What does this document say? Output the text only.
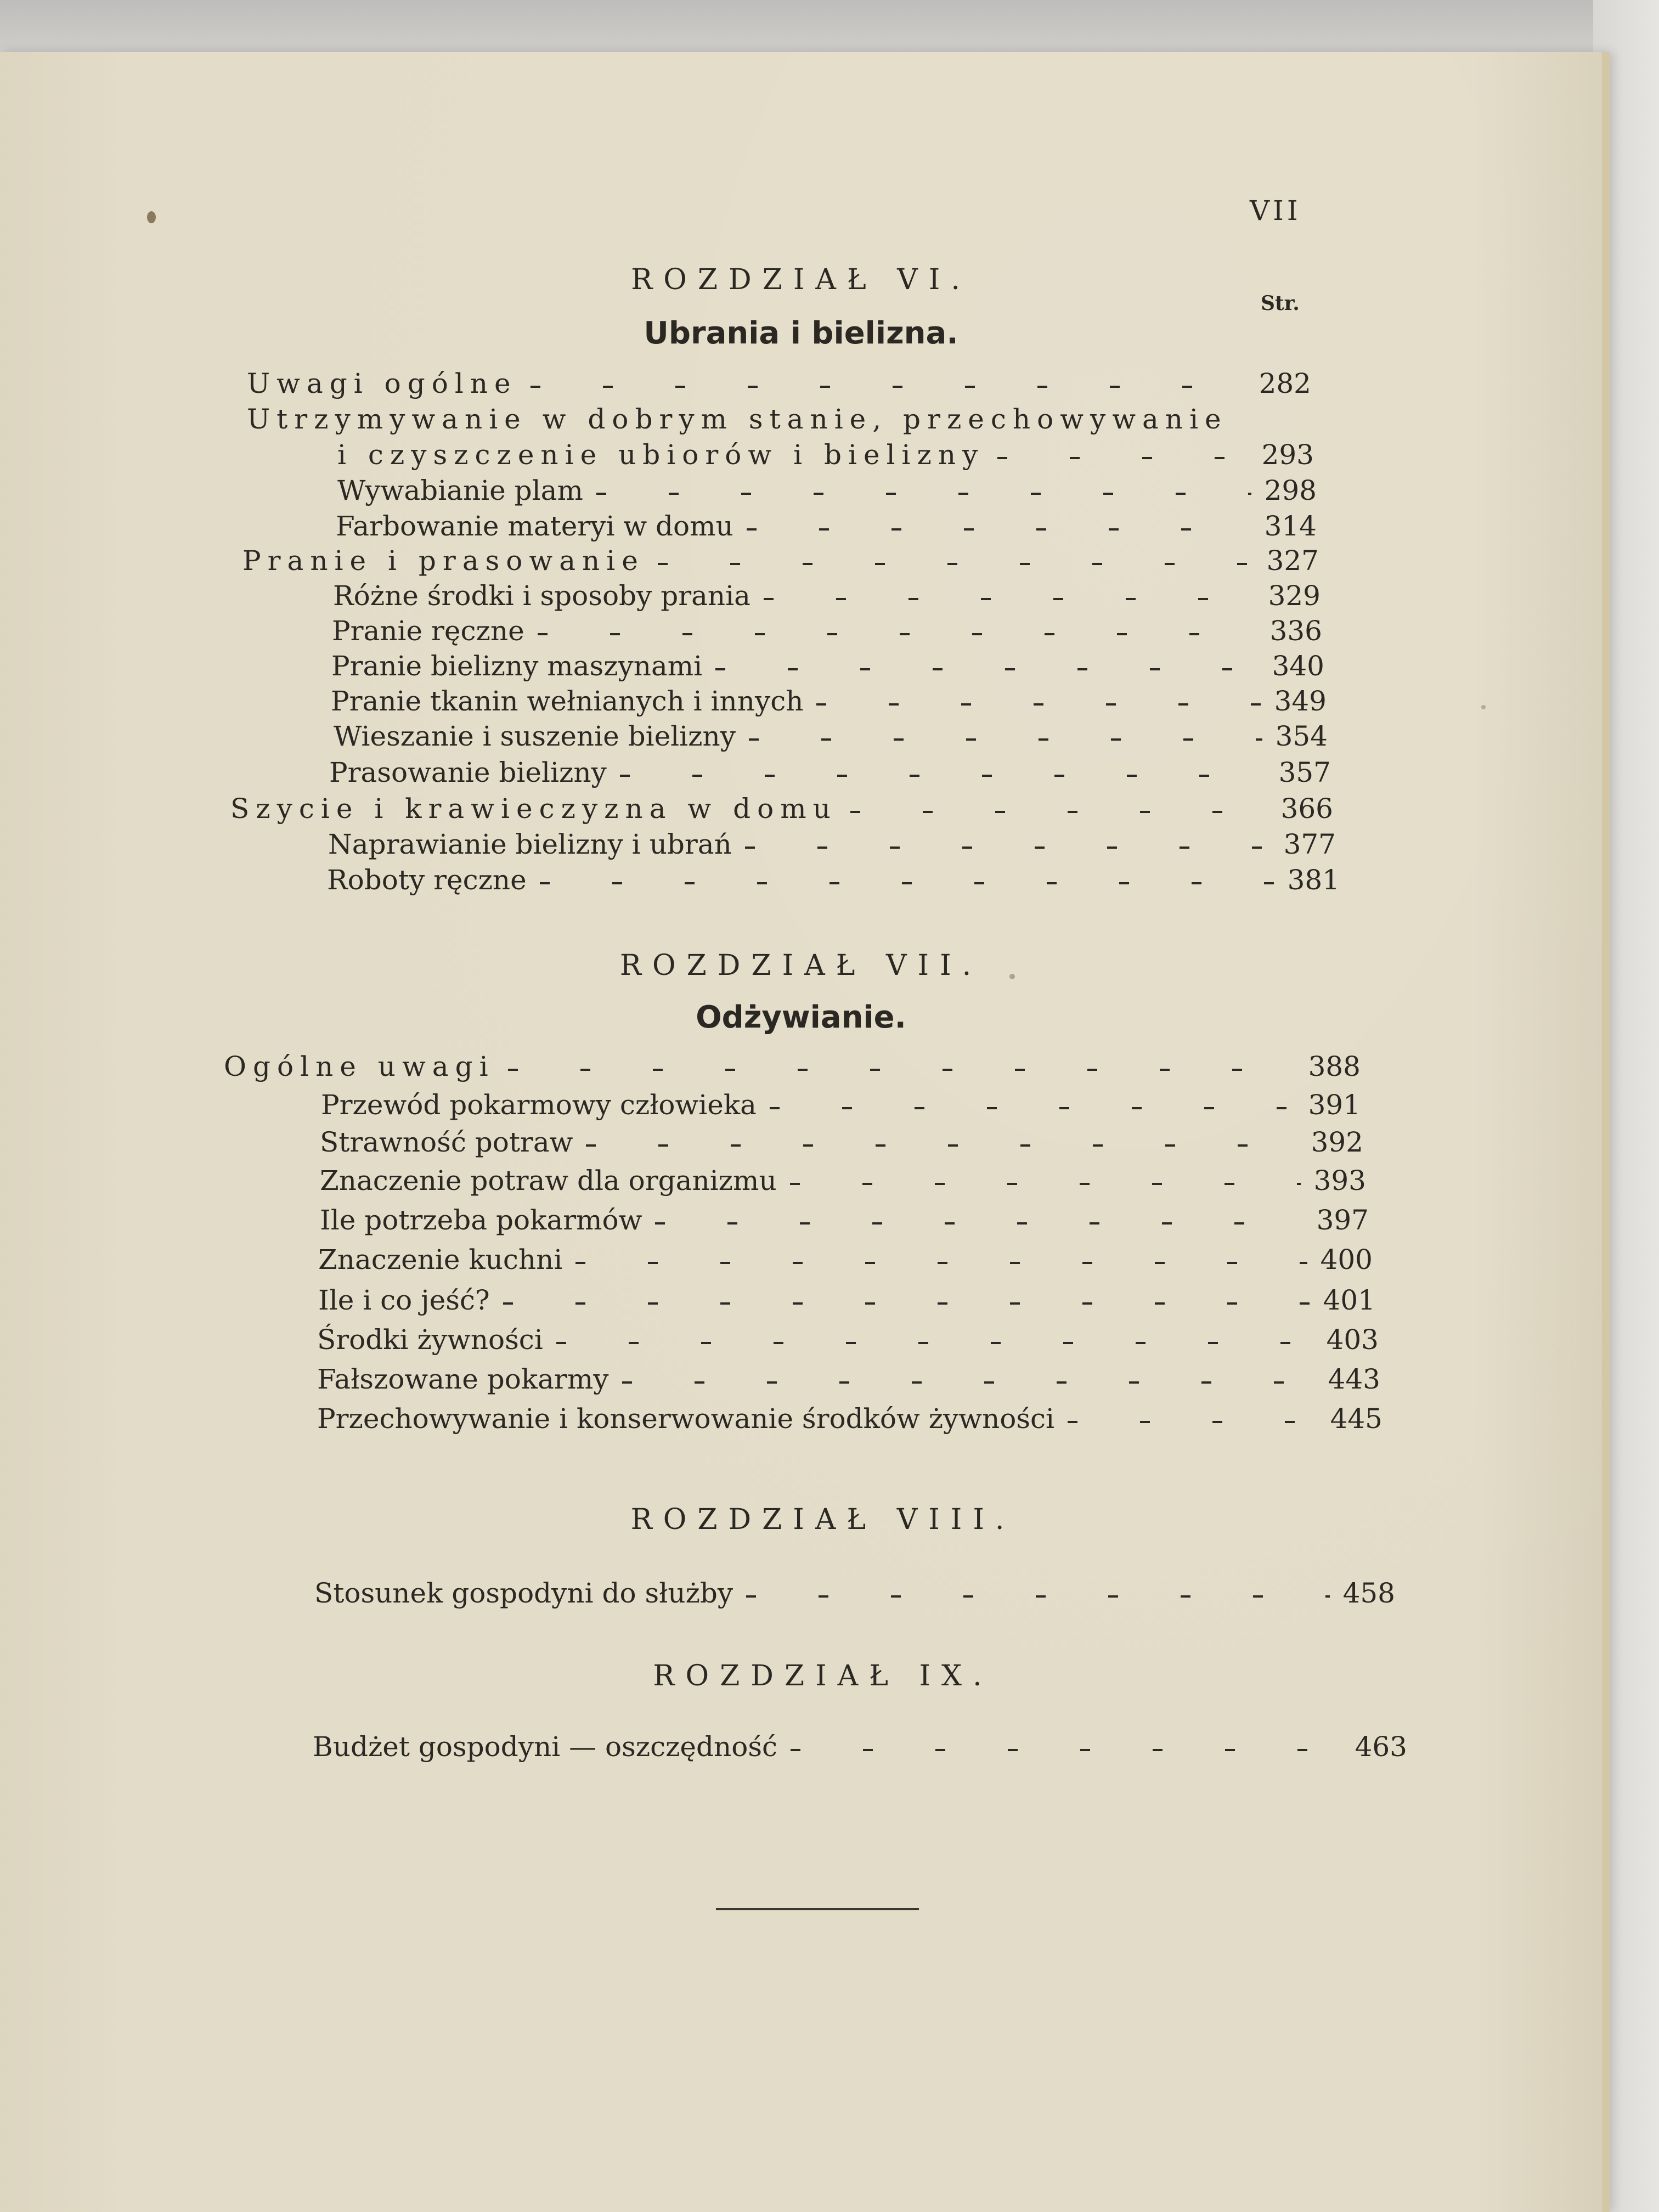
VII
Str.
ROZDZIAŁ VI.
Ubrania i bielizna.
Uwagi ogólne	282
Utrzymywanie w dobrym stanie, przechowywanie
i czyszczenie ubiorów i bielizny	293
Wywabianie plam	298
Farbowanie materyi w domu	314
Pranie i prasowanie	327
Różne środki i sposoby prania	329
Pranie ręczne	336
Pranie bielizny maszynami	340
Pranie tkanin wełnianych i innych	349
Wieszanie i suszenie bielizny	354
Prasowanie bielizny	357
Szycie i krawieczyzna w domu	366
Naprawianie bielizny i ubrań	377
Roboty ręczne	381
ROZDZIAŁ VII.
Odżywianie.
Ogólne uwagi	388
Przewód pokarmowy człowieka	391
Strawność potraw	392
Znaczenie potraw dla organizmu	393
Ile potrzeba pokarmów	397
Znaczenie kuchni	400
Ile i co jeść?	401
Środki żywności	403
Fałszowane pokarmy	443
Przechowywanie i konserwowanie środków żywności	445
ROZDZIAŁ VIII.
Stosunek gospodyni do służby	458
ROZDZIAŁ IX.
Budżet gospodyni — oszczędność	463
